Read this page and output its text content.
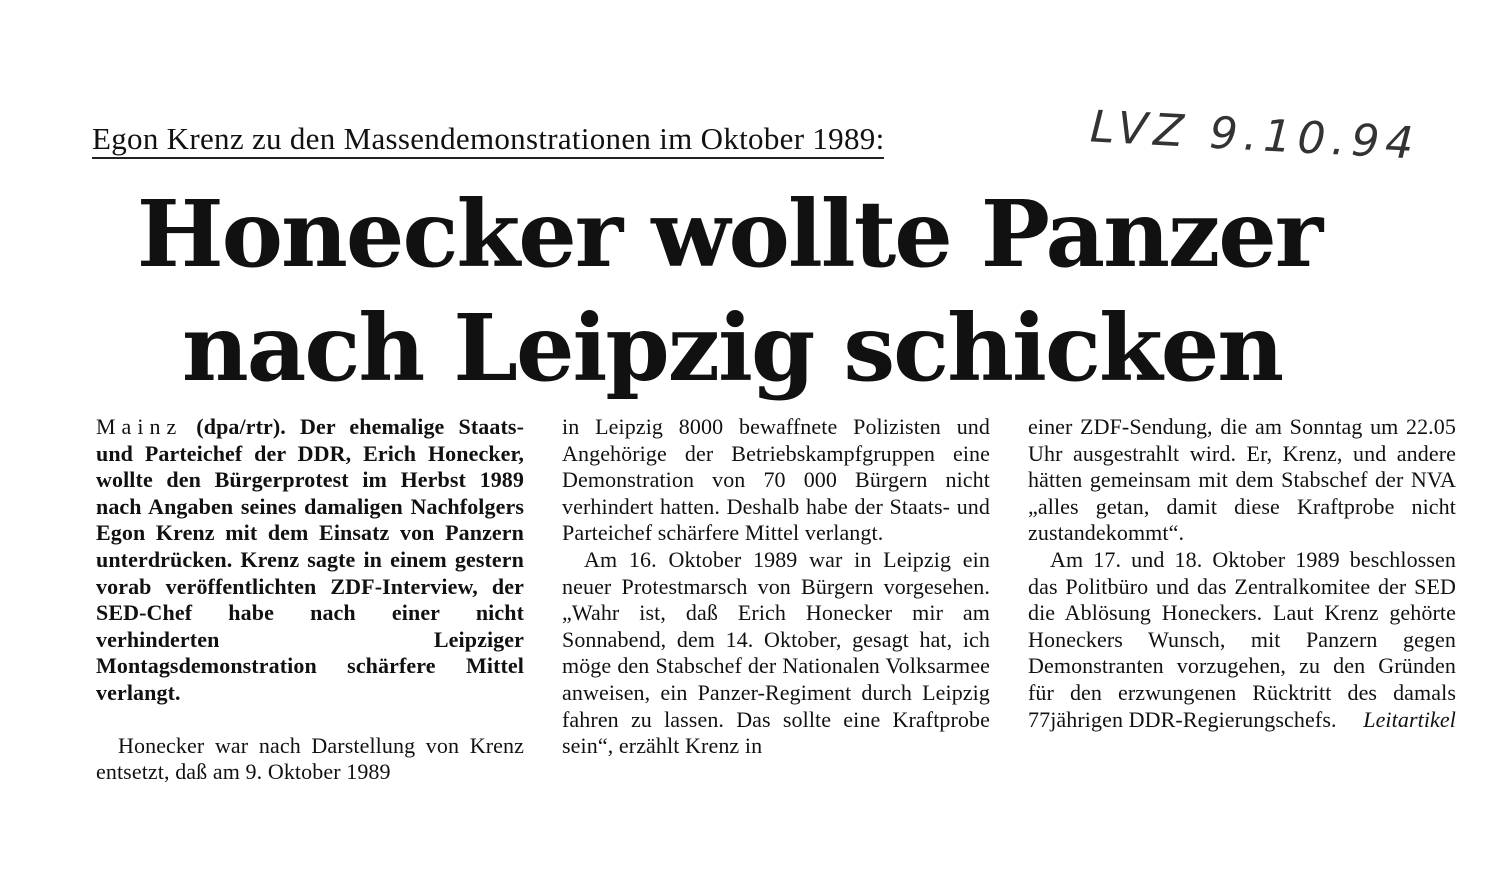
Egon Krenz zu den Massendemonstrationen im Oktober 1989:	LVZ 9.10.94
Honecker wollte Panzer
nach Leipzig schicken

Mainz (dpa/rtr). Der ehemalige Staats- und Parteichef der DDR, Erich Honecker, wollte den Bürgerprotest im Herbst 1989 nach Angaben seines damaligen Nachfolgers Egon Krenz mit dem Einsatz von Panzern unterdrücken. Krenz sagte in einem gestern vorab veröffentlichten ZDF-Interview, der SED-Chef habe nach einer nicht verhinderten Leipziger Montagsdemonstration schärfere Mittel verlangt.

Honecker war nach Darstellung von Krenz entsetzt, daß am 9. Oktober 1989

in Leipzig 8000 bewaffnete Polizisten und Angehörige der Betriebskampfgruppen eine Demonstration von 70 000 Bürgern nicht verhindert hatten. Deshalb habe der Staats- und Parteichef schärfere Mittel verlangt.

Am 16. Oktober 1989 war in Leipzig ein neuer Protestmarsch von Bürgern vorgesehen. „Wahr ist, daß Erich Honecker mir am Sonnabend, dem 14. Oktober, gesagt hat, ich möge den Stabschef der Nationalen Volksarmee anweisen, ein Panzer-Regiment durch Leipzig fahren zu lassen. Das sollte eine Kraftprobe sein“, erzählt Krenz in

einer ZDF-Sendung, die am Sonntag um 22.05 Uhr ausgestrahlt wird. Er, Krenz, und andere hätten gemeinsam mit dem Stabschef der NVA „alles getan, damit diese Kraftprobe nicht zustandekommt“.

Am 17. und 18. Oktober 1989 beschlossen das Politbüro und das Zentralkomitee der SED die Ablösung Honeckers. Laut Krenz gehörte Honeckers Wunsch, mit Panzern gegen Demonstranten vorzugehen, zu den Gründen für den erzwungenen Rücktritt des damals 77jährigen DDR-Regierungschefs.	Leitartikel
